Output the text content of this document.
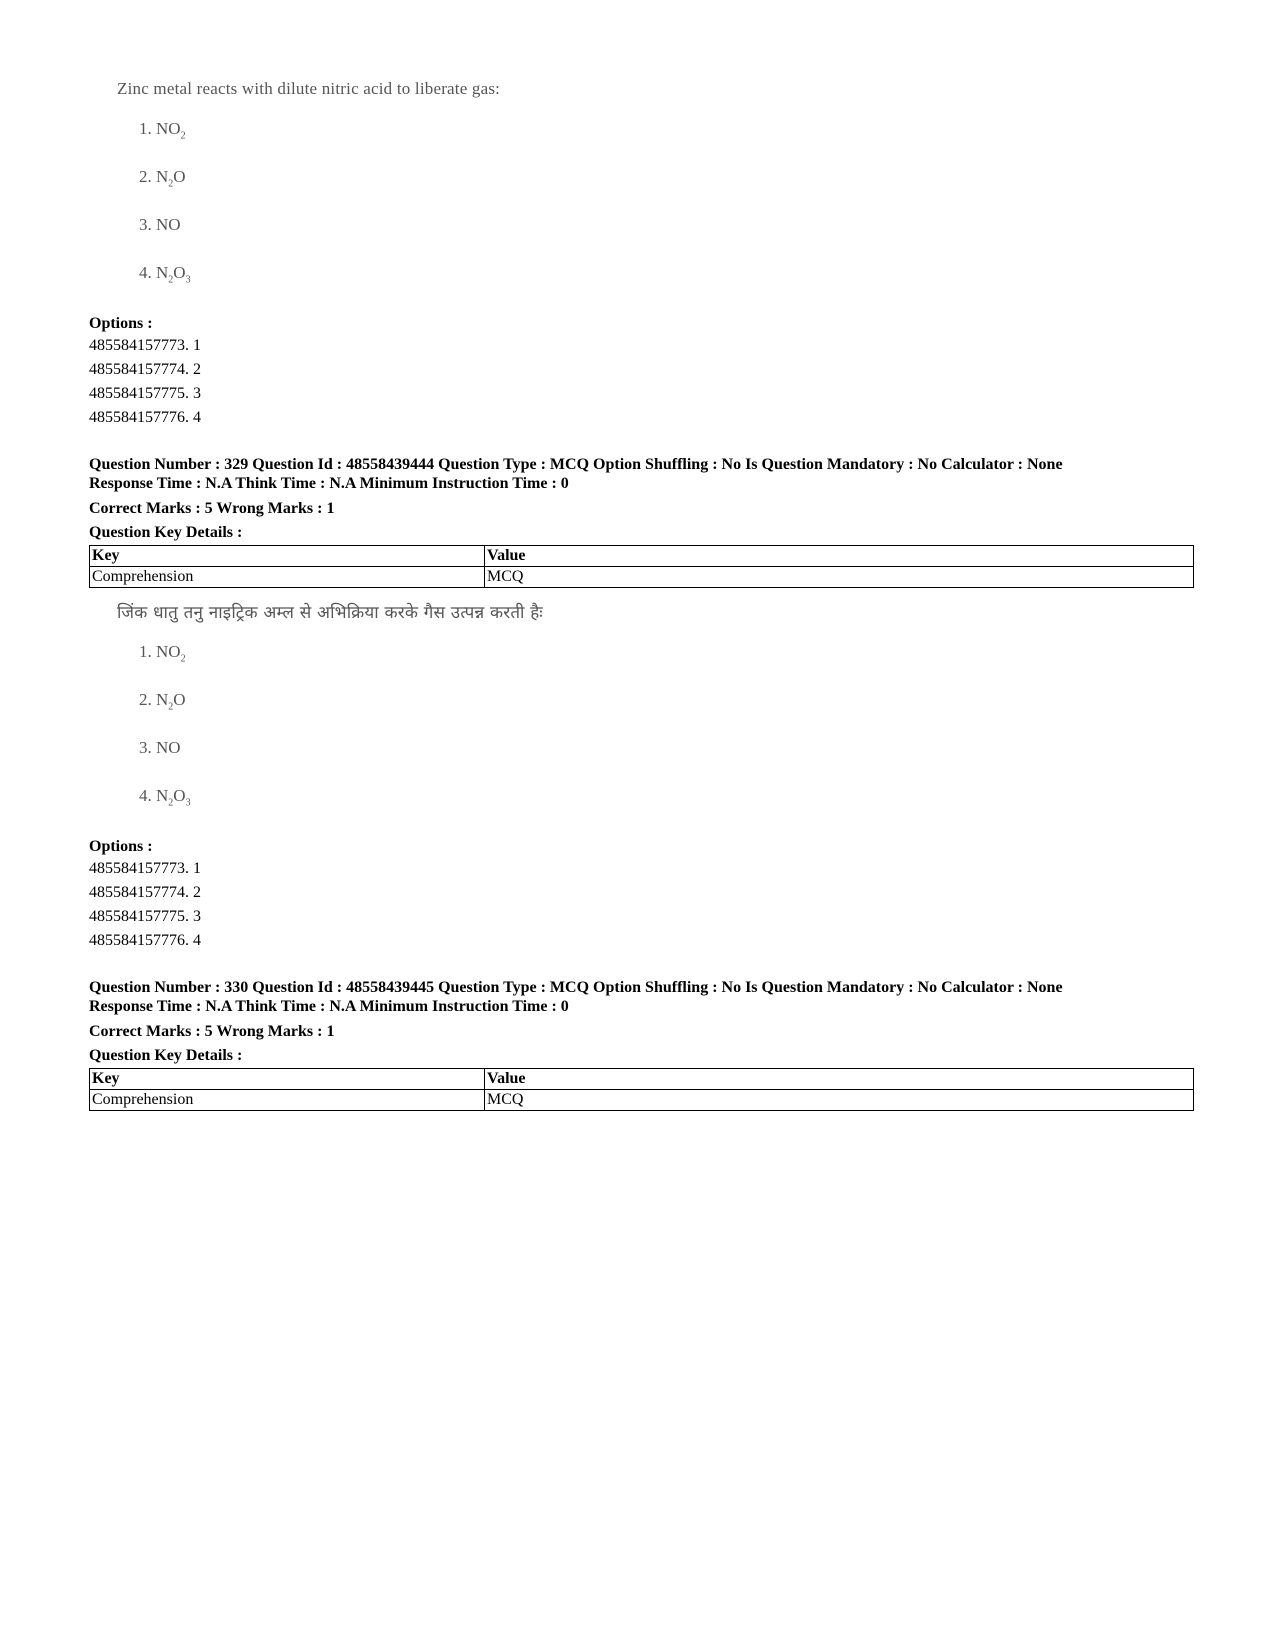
Zinc metal reacts with dilute nitric acid to liberate gas:
1. $NO_2$
2. $N_2O$
3. NO
4. $N_2O_3$
Options :
485584157773. 1
485584157774. 2
485584157775. 3
485584157776. 4
Question Number : 329 Question Id : 48558439444 Question Type : MCQ Option Shuffling : No Is Question Mandatory : No Calculator : None
Response Time : N.A Think Time : N.A Minimum Instruction Time : 0
Correct Marks : 5 Wrong Marks : 1
Question Key Details :
Key	Value
Comprehension	MCQ
जिंक धातु तनु नाइट्रिक अम्ल से अभिक्रिया करके गैस उत्पन्न करती हैः
1. $NO_2$
2. $N_2O$
3. NO
4. $N_2O_3$
Options :
485584157773. 1
485584157774. 2
485584157775. 3
485584157776. 4
Question Number : 330 Question Id : 48558439445 Question Type : MCQ Option Shuffling : No Is Question Mandatory : No Calculator : None
Response Time : N.A Think Time : N.A Minimum Instruction Time : 0
Correct Marks : 5 Wrong Marks : 1
Question Key Details :
Key	Value
Comprehension	MCQ
